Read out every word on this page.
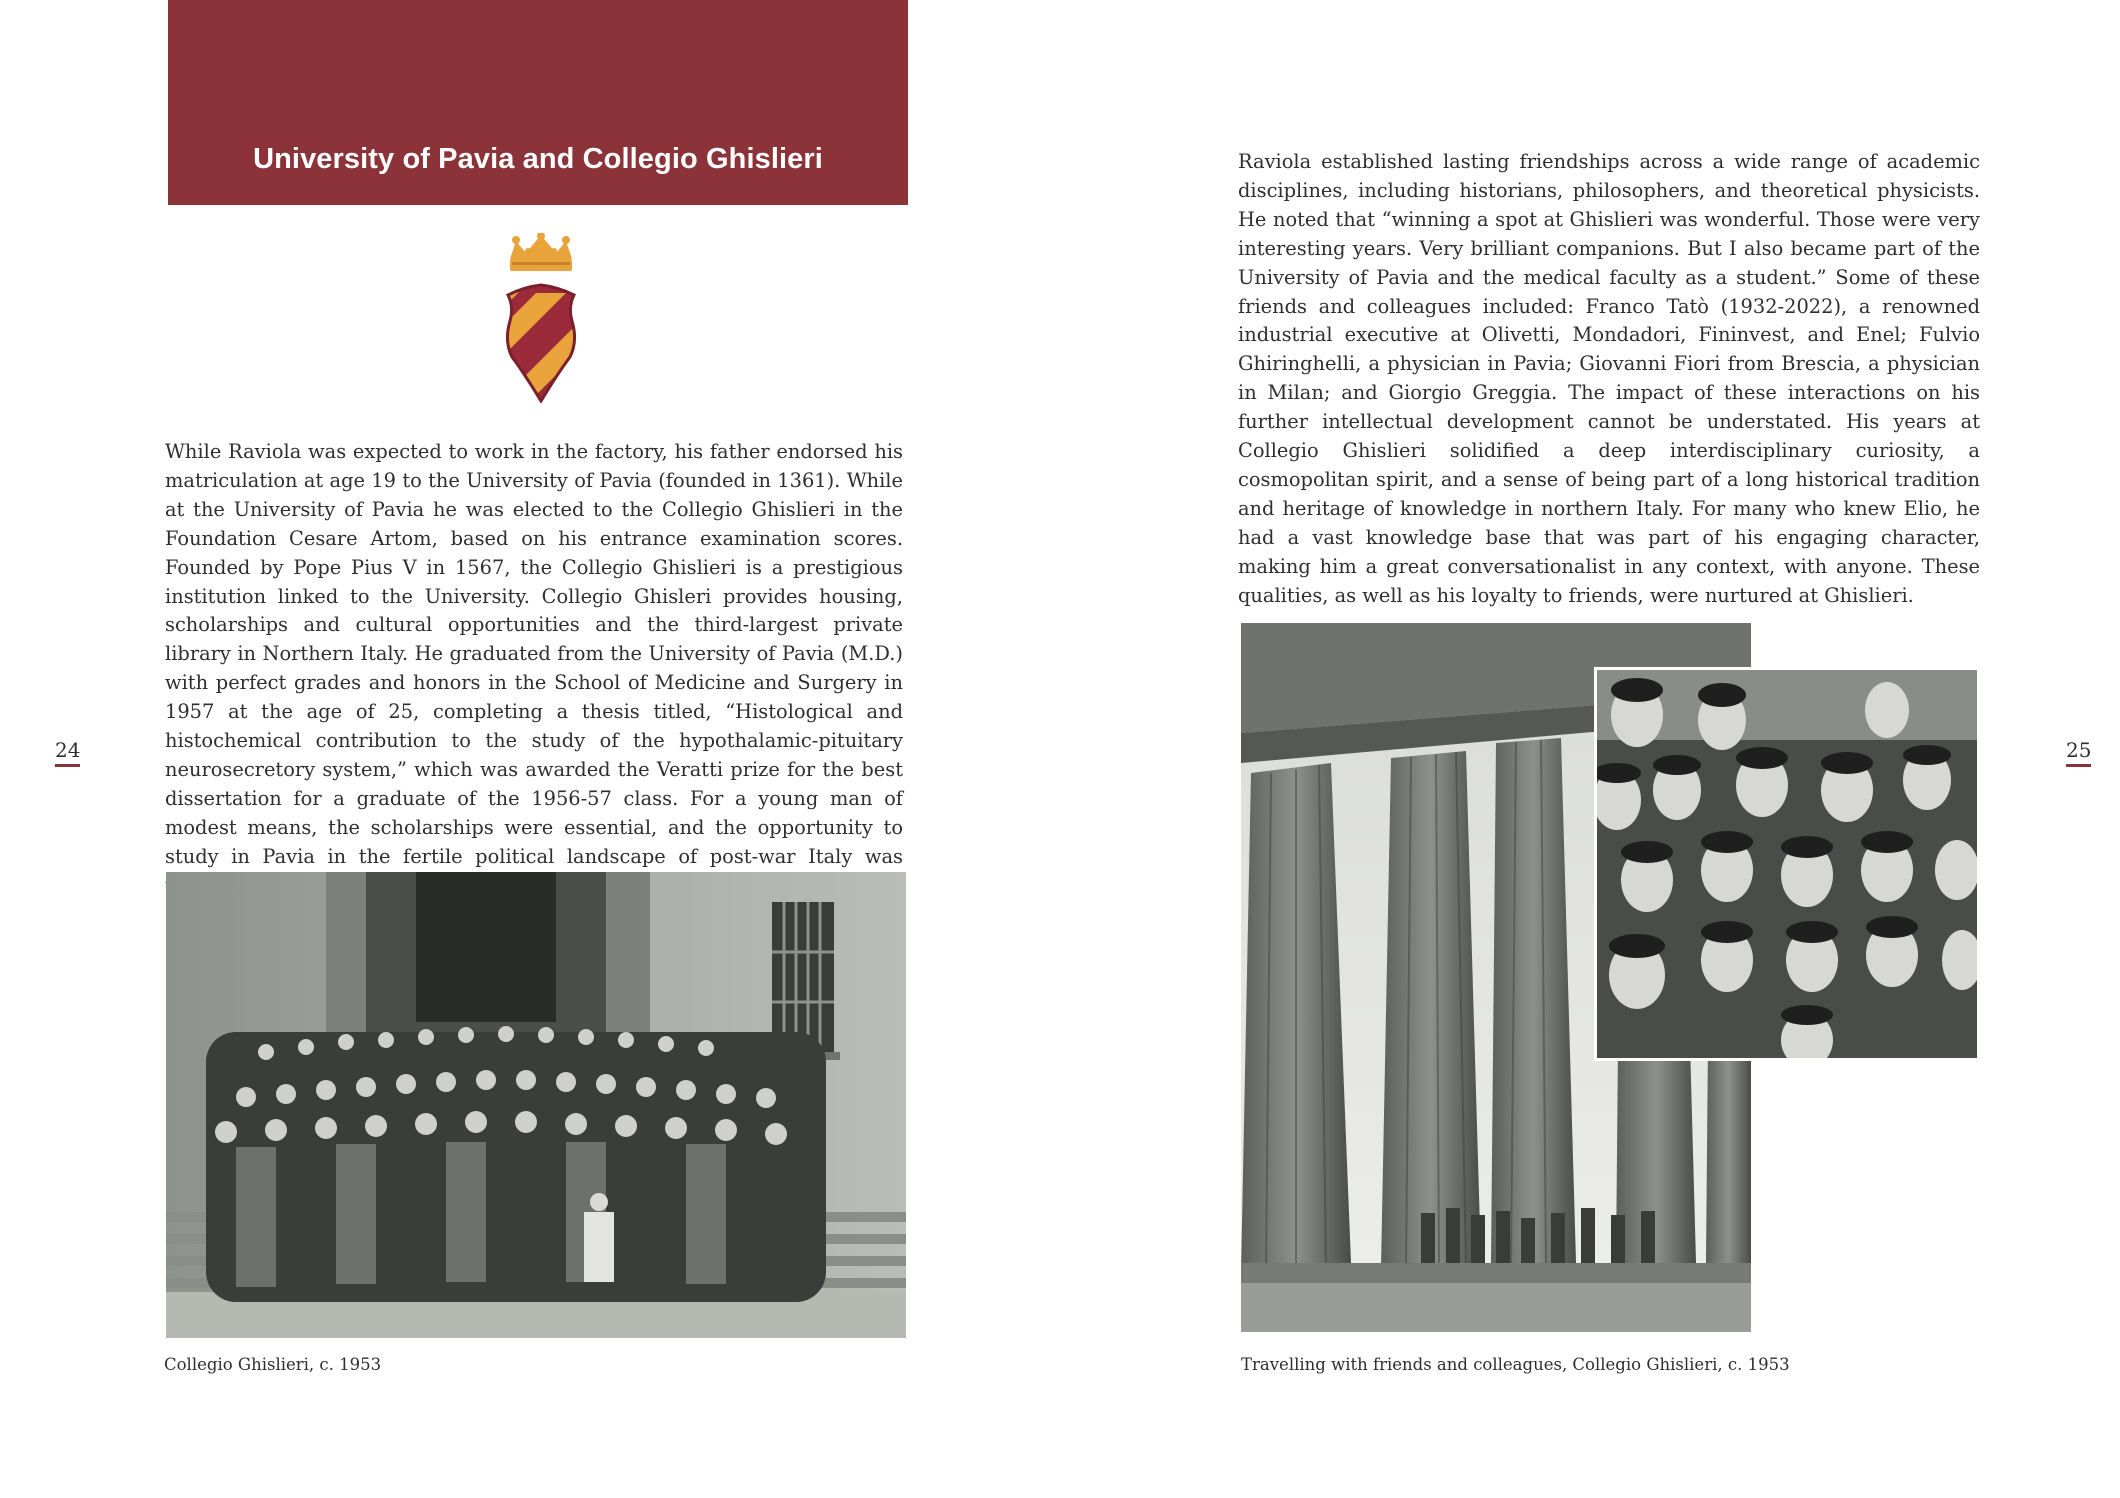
University of Pavia and Collegio Ghislieri
While Raviola was expected to work in the factory, his father endorsed his matriculation at age 19 to the University of Pavia (founded in 1361). While at the University of Pavia he was elected to the Collegio Ghislieri in the Foundation Cesare Artom, based on his entrance examination scores. Founded by Pope Pius V in 1567, the Collegio Ghislieri is a prestigious institution linked to the University. Collegio Ghisleri provides housing, scholarships and cultural opportunities and the third-largest private library in Northern Italy. He graduated from the University of Pavia (M.D.) with perfect grades and honors in the School of Medicine and Surgery in 1957 at the age of 25, completing a thesis titled, “Histological and histochemical contribution to the study of the hypothalamic-pituitary neurosecretory system,” which was awarded the Veratti prize for the best dissertation for a graduate of the 1956-57 class. For a young man of modest means, the scholarships were essential, and the opportunity to study in Pavia in the fertile political landscape of post-war Italy was
Collegio Ghislieri, c. 1953
24
Raviola established lasting friendships across a wide range of academic disciplines, including historians, philosophers, and theoretical physicists. He noted that “winning a spot at Ghislieri was wonderful. Those were very interesting years. Very brilliant companions. But I also became part of the University of Pavia and the medical faculty as a student.” Some of these friends and colleagues included: Franco Tatò (1932-2022), a renowned industrial executive at Olivetti, Mondadori, Fininvest, and Enel; Fulvio Ghiringhelli, a physician in Pavia; Giovanni Fiori from Brescia, a physician in Milan; and Giorgio Greggia. The impact of these interactions on his further intellectual development cannot be understated. His years at Collegio Ghislieri solidified a deep interdisciplinary curiosity, a cosmopolitan spirit, and a sense of being part of a long historical tradition and heritage of knowledge in northern Italy. For many who knew Elio, he had a vast knowledge base that was part of his engaging character, making him a great conversationalist in any context, with anyone. These qualities, as well as his loyalty to friends, were nurtured at Ghislieri.
Travelling with friends and colleagues, Collegio Ghislieri, c. 1953
25
